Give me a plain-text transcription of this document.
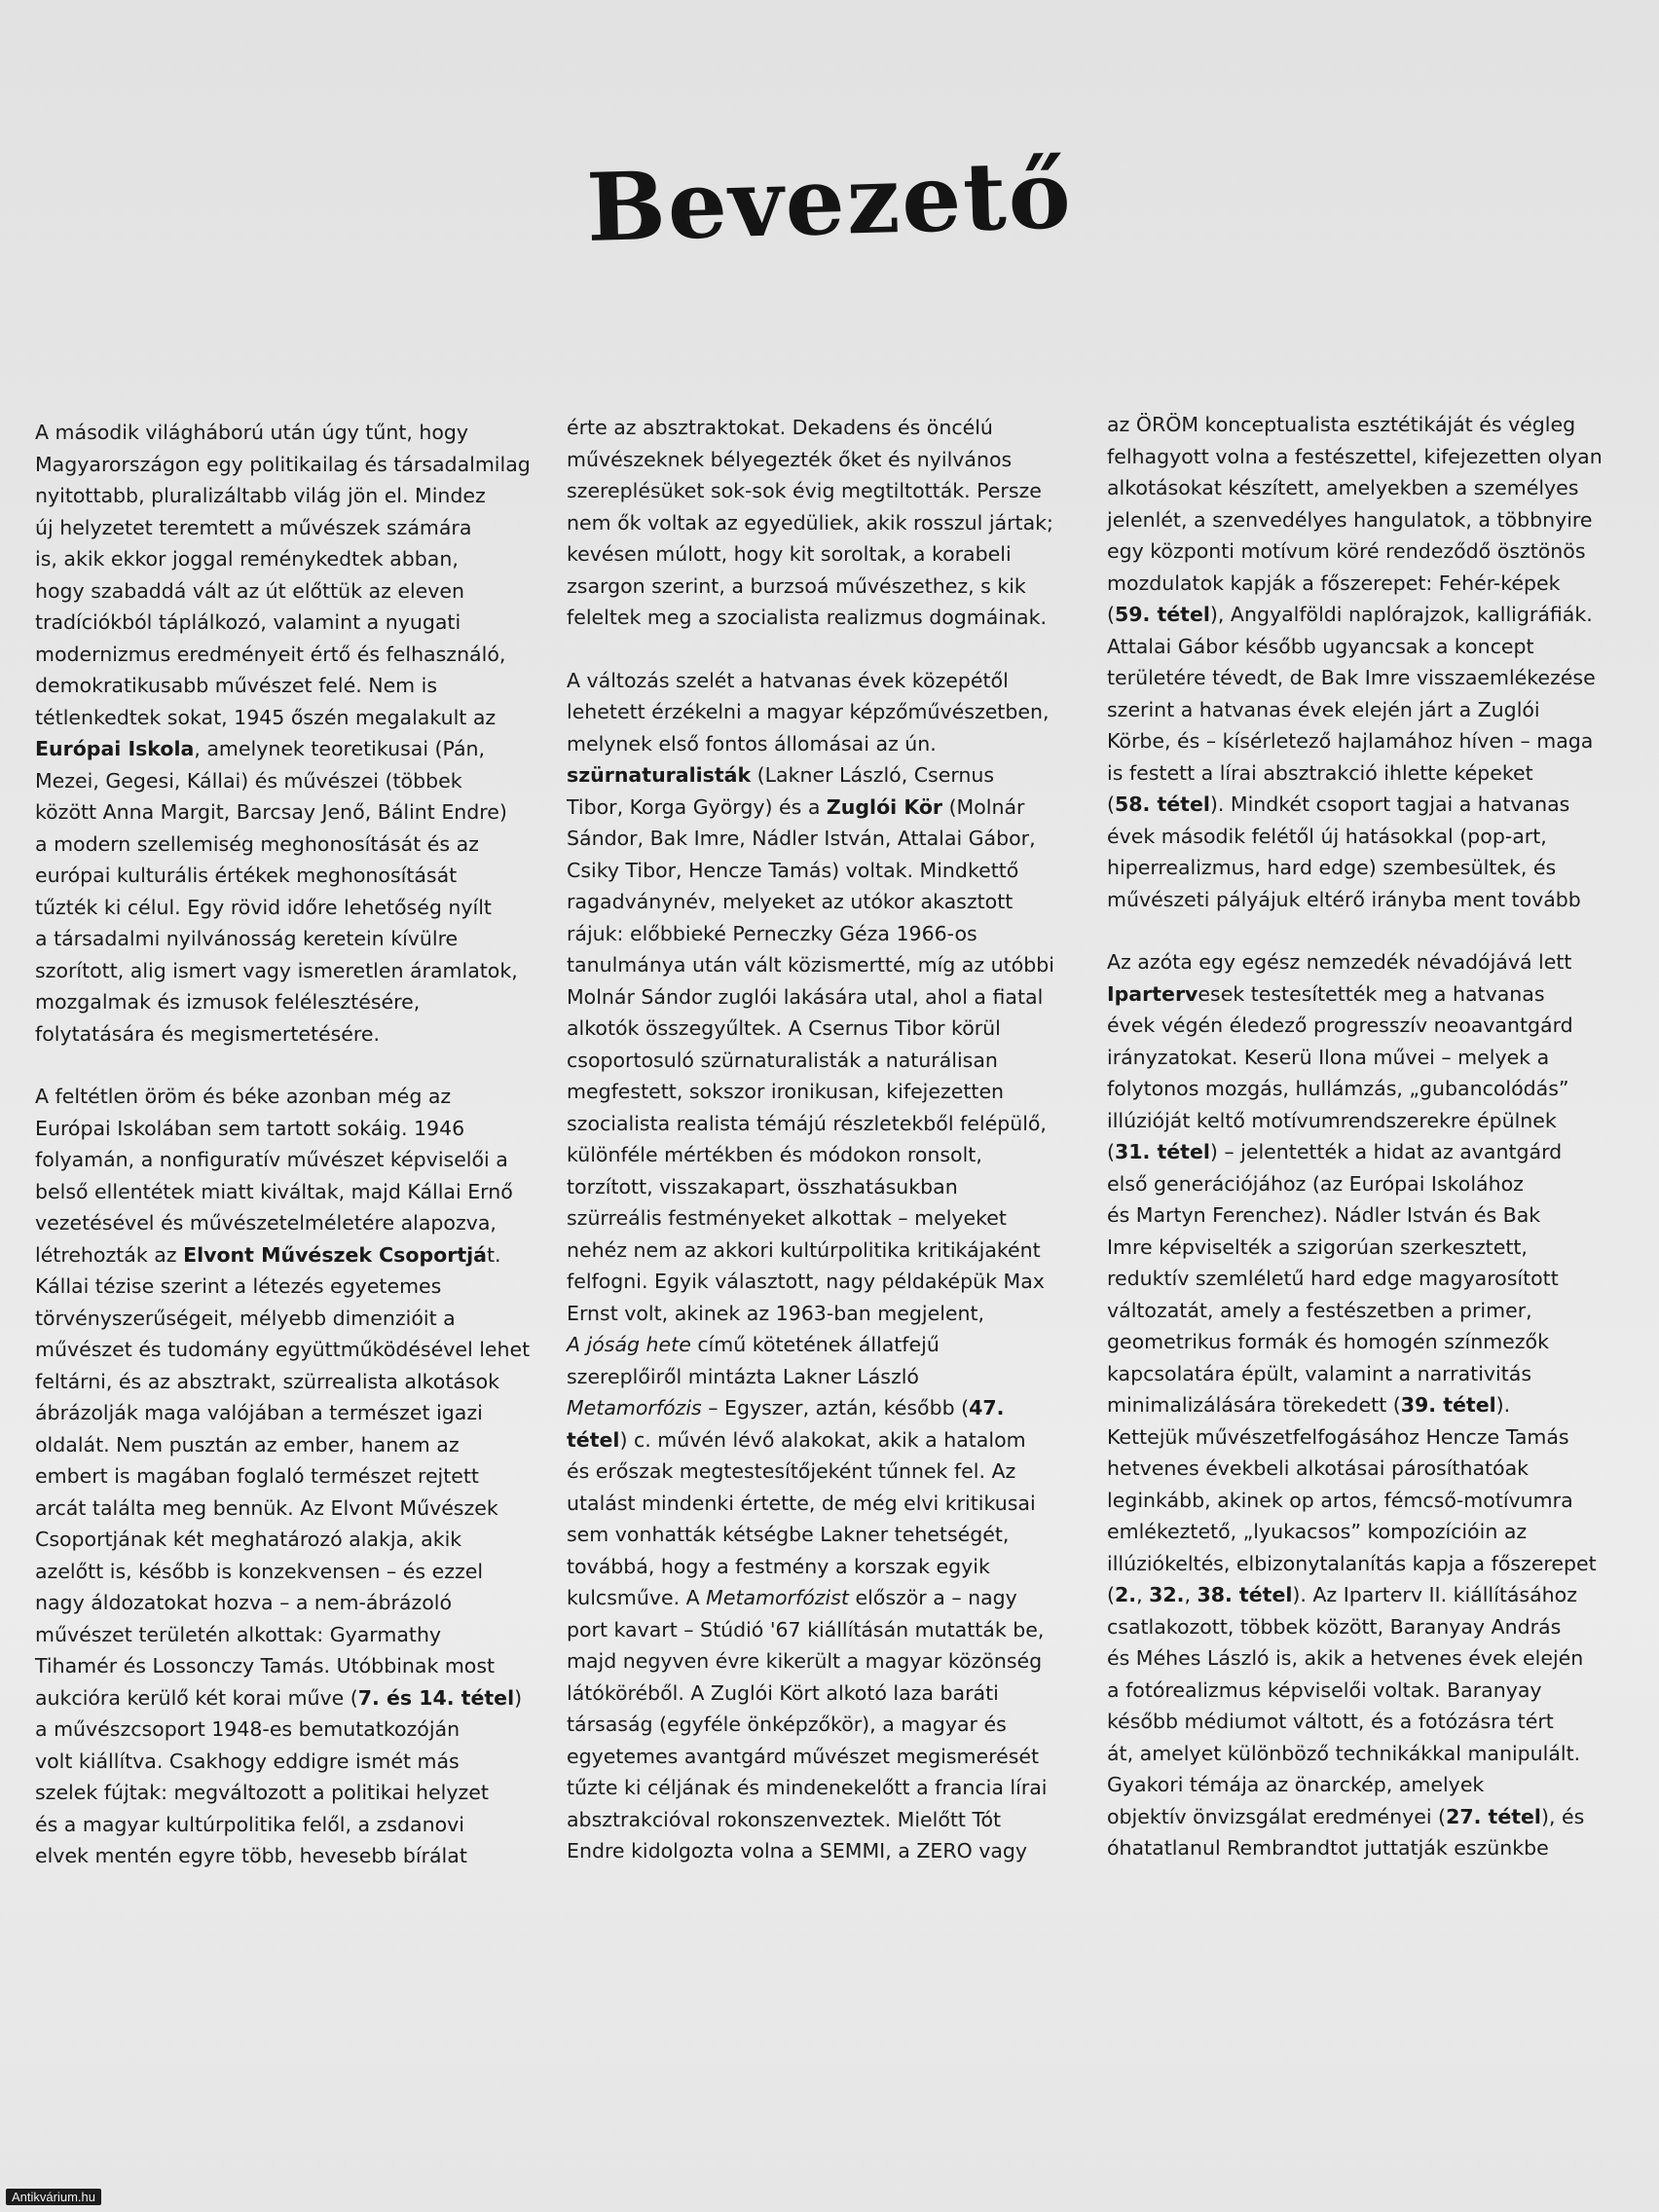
Bevezető

A második világháború után úgy tűnt, hogy
Magyarországon egy politikailag és társadalmilag
nyitottabb, pluralizáltabb világ jön el. Mindez
új helyzetet teremtett a művészek számára
is, akik ekkor joggal reménykedtek abban,
hogy szabaddá vált az út előttük az eleven
tradíciókból táplálkozó, valamint a nyugati
modernizmus eredményeit értő és felhasználó,
demokratikusabb művészet felé. Nem is
tétlenkedtek sokat, 1945 őszén megalakult az
Európai Iskola, amelynek teoretikusai (Pán,
Mezei, Gegesi, Kállai) és művészei (többek
között Anna Margit, Barcsay Jenő, Bálint Endre)
a modern szellemiség meghonosítását és az
európai kulturális értékek meghonosítását
tűzték ki célul. Egy rövid időre lehetőség nyílt
a társadalmi nyilvánosság keretein kívülre
szorított, alig ismert vagy ismeretlen áramlatok,
mozgalmak és izmusok felélesztésére,
folytatására és megismertetésére.

A feltétlen öröm és béke azonban még az
Európai Iskolában sem tartott sokáig. 1946
folyamán, a nonfiguratív művészet képviselői a
belső ellentétek miatt kiváltak, majd Kállai Ernő
vezetésével és művészetelméletére alapozva,
létrehozták az Elvont Művészek Csoportját.
Kállai tézise szerint a létezés egyetemes
törvényszerűségeit, mélyebb dimenzióit a
művészet és tudomány együttműködésével lehet
feltárni, és az absztrakt, szürrealista alkotások
ábrázolják maga valójában a természet igazi
oldalát. Nem pusztán az ember, hanem az
embert is magában foglaló természet rejtett
arcát találta meg bennük. Az Elvont Művészek
Csoportjának két meghatározó alakja, akik
azelőtt is, később is konzekvensen – és ezzel
nagy áldozatokat hozva – a nem-ábrázoló
művészet területén alkottak: Gyarmathy
Tihamér és Lossonczy Tamás. Utóbbinak most
aukcióra kerülő két korai műve (7. és 14. tétel)
a művészcsoport 1948-es bemutatkozóján
volt kiállítva. Csakhogy eddigre ismét más
szelek fújtak: megváltozott a politikai helyzet
és a magyar kultúrpolitika felől, a zsdanovi
elvek mentén egyre több, hevesebb bírálat

érte az absztraktokat. Dekadens és öncélú
művészeknek bélyegezték őket és nyilvános
szereplésüket sok-sok évig megtiltották. Persze
nem ők voltak az egyedüliek, akik rosszul jártak;
kevésen múlott, hogy kit soroltak, a korabeli
zsargon szerint, a burzsoá művészethez, s kik
feleltek meg a szocialista realizmus dogmáinak.

A változás szelét a hatvanas évek közepétől
lehetett érzékelni a magyar képzőművészetben,
melynek első fontos állomásai az ún.
szürnaturalisták (Lakner László, Csernus
Tibor, Korga György) és a Zuglói Kör (Molnár
Sándor, Bak Imre, Nádler István, Attalai Gábor,
Csiky Tibor, Hencze Tamás) voltak. Mindkettő
ragadványnév, melyeket az utókor akasztott
rájuk: előbbieké Perneczky Géza 1966-os
tanulmánya után vált közismertté, míg az utóbbi
Molnár Sándor zuglói lakására utal, ahol a fiatal
alkotók összegyűltek. A Csernus Tibor körül
csoportosuló szürnaturalisták a naturálisan
megfestett, sokszor ironikusan, kifejezetten
szocialista realista témájú részletekből felépülő,
különféle mértékben és módokon ronsolt,
torzított, visszakapart, összhatásukban
szürreális festményeket alkottak – melyeket
nehéz nem az akkori kultúrpolitika kritikájaként
felfogni. Egyik választott, nagy példaképük Max
Ernst volt, akinek az 1963-ban megjelent,
A jóság hete című kötetének állatfejű
szereplőiről mintázta Lakner László
Metamorfózis – Egyszer, aztán, később (47.
tétel) c. művén lévő alakokat, akik a hatalom
és erőszak megtestesítőjeként tűnnek fel. Az
utalást mindenki értette, de még elvi kritikusai
sem vonhatták kétségbe Lakner tehetségét,
továbbá, hogy a festmény a korszak egyik
kulcsműve. A Metamorfózist először a – nagy
port kavart – Stúdió '67 kiállításán mutatták be,
majd negyven évre kikerült a magyar közönség
látóköréből. A Zuglói Kört alkotó laza baráti
társaság (egyféle önképzőkör), a magyar és
egyetemes avantgárd művészet megismerését
tűzte ki céljának és mindenekelőtt a francia lírai
absztrakcióval rokonszenveztek. Mielőtt Tót
Endre kidolgozta volna a SEMMI, a ZERO vagy

az ÖRÖM konceptualista esztétikáját és végleg
felhagyott volna a festészettel, kifejezetten olyan
alkotásokat készített, amelyekben a személyes
jelenlét, a szenvedélyes hangulatok, a többnyire
egy központi motívum köré rendeződő ösztönös
mozdulatok kapják a főszerepet: Fehér-képek
(59. tétel), Angyalföldi naplórajzok, kalligráfiák.
Attalai Gábor később ugyancsak a koncept
területére tévedt, de Bak Imre visszaemlékezése
szerint a hatvanas évek elején járt a Zuglói
Körbe, és – kísérletező hajlamához híven – maga
is festett a lírai absztrakció ihlette képeket
(58. tétel). Mindkét csoport tagjai a hatvanas
évek második felétől új hatásokkal (pop-art,
hiperrealizmus, hard edge) szembesültek, és
művészeti pályájuk eltérő irányba ment tovább

Az azóta egy egész nemzedék névadójává lett
Ipartervesek testesítették meg a hatvanas
évek végén éledező progresszív neoavantgárd
irányzatokat. Keserü Ilona művei – melyek a
folytonos mozgás, hullámzás, „gubancolódás”
illúzióját keltő motívumrendszerekre épülnek
(31. tétel) – jelentették a hidat az avantgárd
első generációjához (az Európai Iskolához
és Martyn Ferenchez). Nádler István és Bak
Imre képviselték a szigorúan szerkesztett,
reduktív szemléletű hard edge magyarosított
változatát, amely a festészetben a primer,
geometrikus formák és homogén színmezők
kapcsolatára épült, valamint a narrativitás
minimalizálására törekedett (39. tétel).
Kettejük művészetfelfogásához Hencze Tamás
hetvenes évekbeli alkotásai párosíthatóak
leginkább, akinek op artos, fémcső-motívumra
emlékeztető, „lyukacsos” kompozícióin az
illúziókeltés, elbizonytalanítás kapja a főszerepet
(2., 32., 38. tétel). Az Iparterv II. kiállításához
csatlakozott, többek között, Baranyay András
és Méhes László is, akik a hetvenes évek elején
a fotórealizmus képviselői voltak. Baranyay
később médiumot váltott, és a fotózásra tért
át, amelyet különböző technikákkal manipulált.
Gyakori témája az önarckép, amelyek
objektív önvizsgálat eredményei (27. tétel), és
óhatatlanul Rembrandtot juttatják eszünkbe

Antikvárium.hu
